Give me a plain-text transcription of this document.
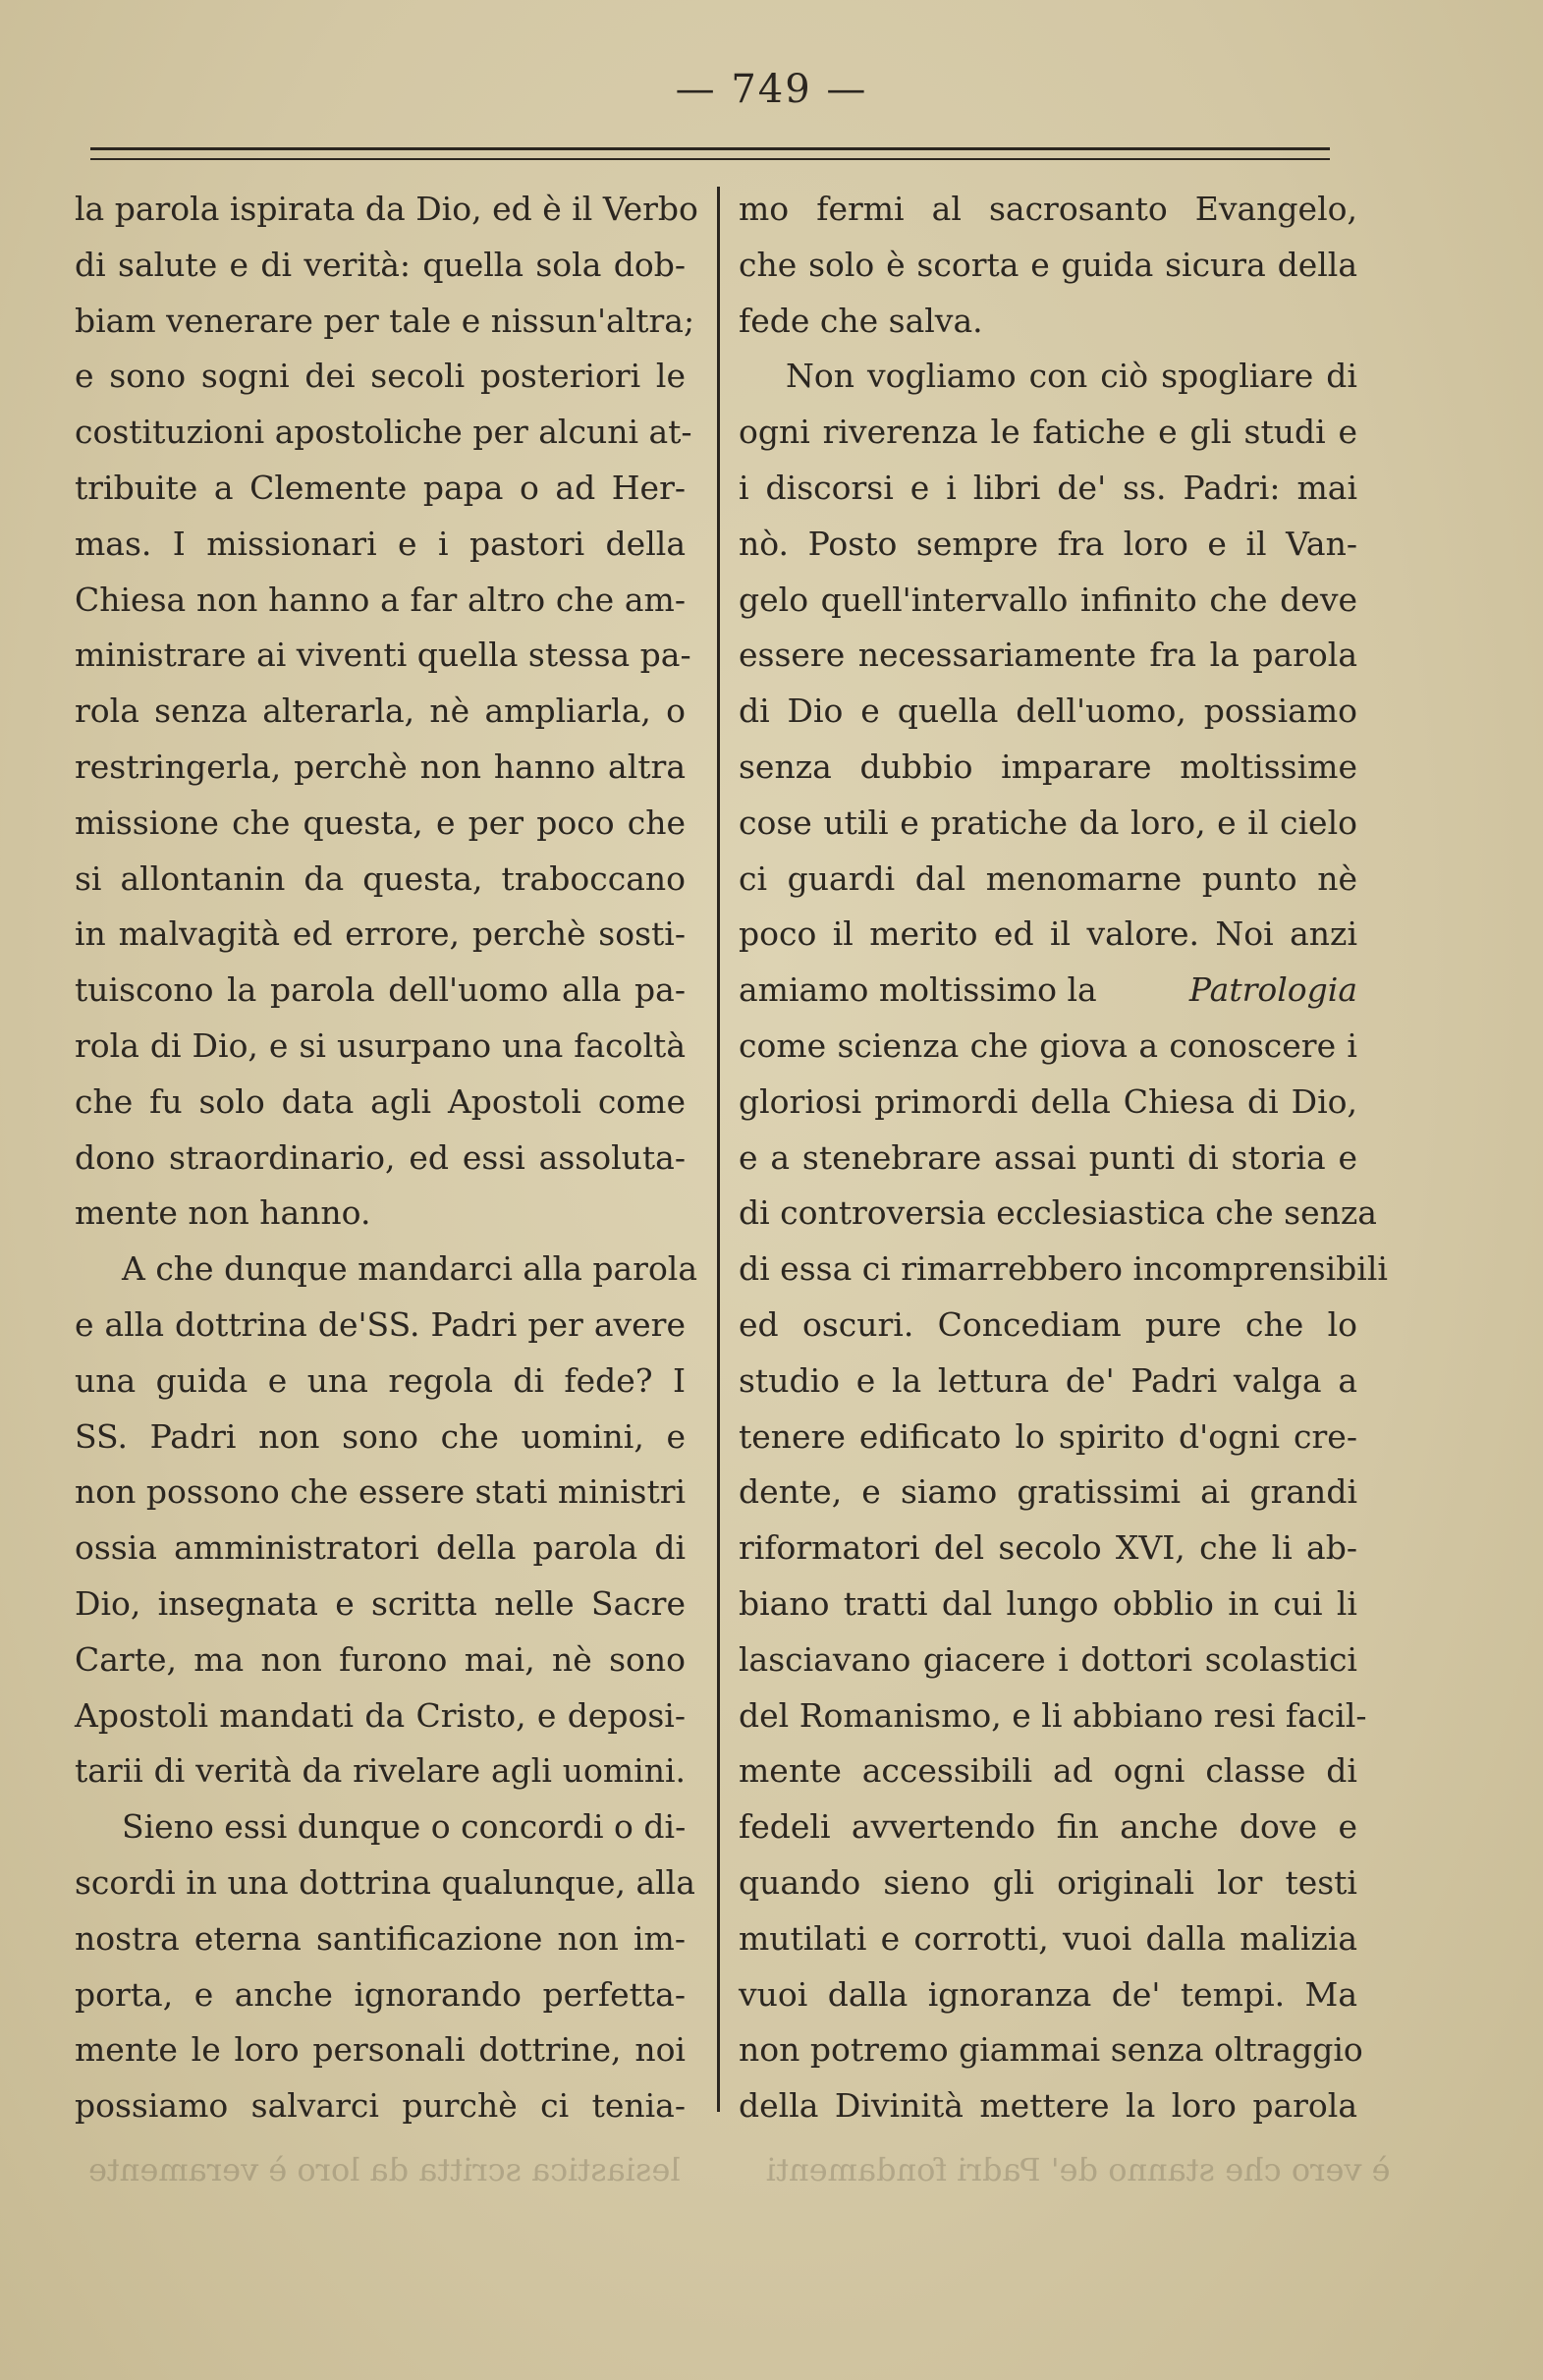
— 749 —
la parola ispirata da Dio, ed è il Verbo
di salute e di verità: quella sola dob-
biam venerare per tale e nissun'altra;
e sono sogni dei secoli posteriori le
costituzioni apostoliche per alcuni at-
tribuite a Clemente papa o ad Her-
mas. I missionari e i pastori della
Chiesa non hanno a far altro che am-
ministrare ai viventi quella stessa pa-
rola senza alterarla, nè ampliarla, o
restringerla, perchè non hanno altra
missione che questa, e per poco che
si allontanin da questa, traboccano
in malvagità ed errore, perchè sosti-
tuiscono la parola dell'uomo alla pa-
rola di Dio, e si usurpano una facoltà
che fu solo data agli Apostoli come
dono straordinario, ed essi assoluta-
mente non hanno.
A che dunque mandarci alla parola
e alla dottrina de'SS. Padri per avere
una guida e una regola di fede? I
SS. Padri non sono che uomini, e
non possono che essere stati ministri
ossia amministratori della parola di
Dio, insegnata e scritta nelle Sacre
Carte, ma non furono mai, nè sono
Apostoli mandati da Cristo, e deposi-
tarii di verità da rivelare agli uomini.
Sieno essi dunque o concordi o di-
scordi in una dottrina qualunque, alla
nostra eterna santificazione non im-
porta, e anche ignorando perfetta-
mente le loro personali dottrine, noi
possiamo salvarci purchè ci tenia-
mo fermi al sacrosanto Evangelo,
che solo è scorta e guida sicura della
fede che salva.
Non vogliamo con ciò spogliare di
ogni riverenza le fatiche e gli studi e
i discorsi e i libri de' ss. Padri: mai
nò. Posto sempre fra loro e il Van-
gelo quell'intervallo infinito che deve
essere necessariamente fra la parola
di Dio e quella dell'uomo, possiamo
senza dubbio imparare moltissime
cose utili e pratiche da loro, e il cielo
ci guardi dal menomarne punto nè
poco il merito ed il valore. Noi anzi
amiamo moltissimo la	Patrologia
come scienza che giova a conoscere i
gloriosi primordi della Chiesa di Dio,
e a stenebrare assai punti di storia e
di controversia ecclesiastica che senza
di essa ci rimarrebbero incomprensibili
ed oscuri. Concediam pure che lo
studio e la lettura de' Padri valga a
tenere edificato lo spirito d'ogni cre-
dente, e siamo gratissimi ai grandi
riformatori del secolo XVI, che li ab-
biano tratti dal lungo obblio in cui li
lasciavano giacere i dottori scolastici
del Romanismo, e li abbiano resi facil-
mente accessibili ad ogni classe di
fedeli avvertendo fin anche dove e
quando sieno gli originali lor testi
mutilati e corrotti, vuoi dalla malizia
vuoi dalla ignoranza de' tempi. Ma
non potremo giammai senza oltraggio
della Divinità mettere la loro parola
lesiastica scritta da loro è veramente	è vero che stanno de' Padri fondamenti
